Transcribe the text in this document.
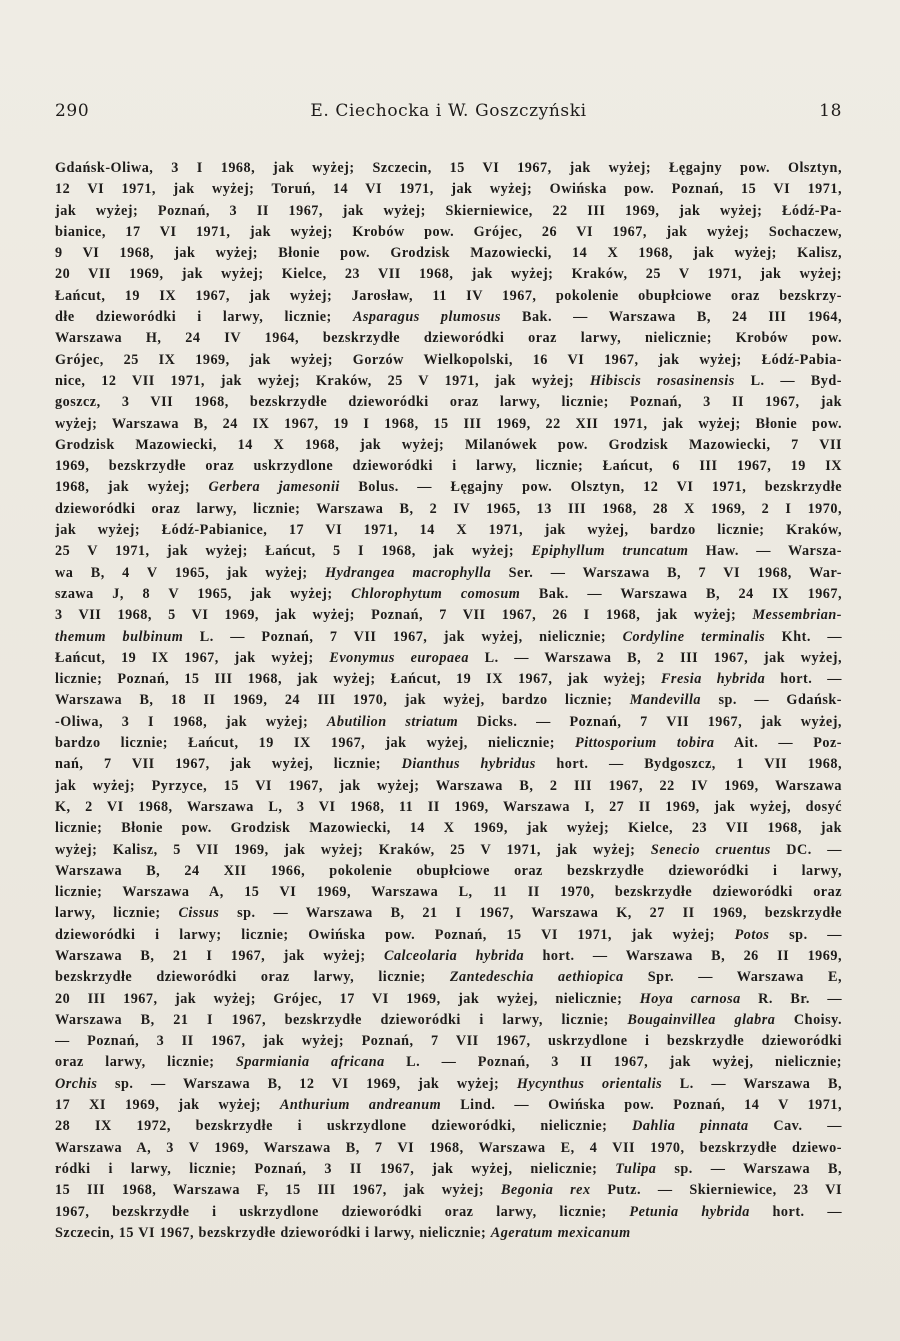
290	E. Ciechocka i W. Goszczyński	18
Gdańsk-Oliwa, 3 I 1968, jak wyżej; Szczecin, 15 VI 1967, jak wyżej; Łęgajny pow. Olsztyn,
12 VI 1971, jak wyżej; Toruń, 14 VI 1971, jak wyżej; Owińska pow. Poznań, 15 VI 1971,
jak wyżej; Poznań, 3 II 1967, jak wyżej; Skierniewice, 22 III 1969, jak wyżej; Łódź-Pa-
bianice, 17 VI 1971, jak wyżej; Krobów pow. Grójec, 26 VI 1967, jak wyżej; Sochaczew,
9 VI 1968, jak wyżej; Błonie pow. Grodzisk Mazowiecki, 14 X 1968, jak wyżej; Kalisz,
20 VII 1969, jak wyżej; Kielce, 23 VII 1968, jak wyżej; Kraków, 25 V 1971, jak wyżej;
Łańcut, 19 IX 1967, jak wyżej; Jarosław, 11 IV 1967, pokolenie obupłciowe oraz bezskrzy-
dłe dzieworódki i larwy, licznie; Asparagus plumosus Bak. — Warszawa B, 24 III 1964,
Warszawa H, 24 IV 1964, bezskrzydłe dzieworódki oraz larwy, nielicznie; Krobów pow.
Grójec, 25 IX 1969, jak wyżej; Gorzów Wielkopolski, 16 VI 1967, jak wyżej; Łódź-Pabia-
nice, 12 VII 1971, jak wyżej; Kraków, 25 V 1971, jak wyżej; Hibiscis rosasinensis L. — Byd-
goszcz, 3 VII 1968, bezskrzydłe dzieworódki oraz larwy, licznie; Poznań, 3 II 1967, jak
wyżej; Warszawa B, 24 IX 1967, 19 I 1968, 15 III 1969, 22 XII 1971, jak wyżej; Błonie pow.
Grodzisk Mazowiecki, 14 X 1968, jak wyżej; Milanówek pow. Grodzisk Mazowiecki, 7 VII
1969, bezskrzydłe oraz uskrzydlone dzieworódki i larwy, licznie; Łańcut, 6 III 1967, 19 IX
1968, jak wyżej; Gerbera jamesonii Bolus. — Łęgajny pow. Olsztyn, 12 VI 1971, bezskrzydłe
dzieworódki oraz larwy, licznie; Warszawa B, 2 IV 1965, 13 III 1968, 28 X 1969, 2 I 1970,
jak wyżej; Łódź-Pabianice, 17 VI 1971, 14 X 1971, jak wyżej, bardzo licznie; Kraków,
25 V 1971, jak wyżej; Łańcut, 5 I 1968, jak wyżej; Epiphyllum truncatum Haw. — Warsza-
wa B, 4 V 1965, jak wyżej; Hydrangea macrophylla Ser. — Warszawa B, 7 VI 1968, War-
szawa J, 8 V 1965, jak wyżej; Chlorophytum comosum Bak. — Warszawa B, 24 IX 1967,
3 VII 1968, 5 VI 1969, jak wyżej; Poznań, 7 VII 1967, 26 I 1968, jak wyżej; Messembrian-
themum bulbinum L. — Poznań, 7 VII 1967, jak wyżej, nielicznie; Cordyline terminalis Kht. —
Łańcut, 19 IX 1967, jak wyżej; Evonymus europaea L. — Warszawa B, 2 III 1967, jak wyżej,
licznie; Poznań, 15 III 1968, jak wyżej; Łańcut, 19 IX 1967, jak wyżej; Fresia hybrida hort. —
Warszawa B, 18 II 1969, 24 III 1970, jak wyżej, bardzo licznie; Mandevilla sp. — Gdańsk-
-Oliwa, 3 I 1968, jak wyżej; Abutilion striatum Dicks. — Poznań, 7 VII 1967, jak wyżej,
bardzo licznie; Łańcut, 19 IX 1967, jak wyżej, nielicznie; Pittosporium tobira Ait. — Poz-
nań, 7 VII 1967, jak wyżej, licznie; Dianthus hybridus hort. — Bydgoszcz, 1 VII 1968,
jak wyżej; Pyrzyce, 15 VI 1967, jak wyżej; Warszawa B, 2 III 1967, 22 IV 1969, Warszawa
K, 2 VI 1968, Warszawa L, 3 VI 1968, 11 II 1969, Warszawa I, 27 II 1969, jak wyżej, dosyć
licznie; Błonie pow. Grodzisk Mazowiecki, 14 X 1969, jak wyżej; Kielce, 23 VII 1968, jak
wyżej; Kalisz, 5 VII 1969, jak wyżej; Kraków, 25 V 1971, jak wyżej; Senecio cruentus DC. —
Warszawa B, 24 XII 1966, pokolenie obupłciowe oraz bezskrzydłe dzieworódki i larwy,
licznie; Warszawa A, 15 VI 1969, Warszawa L, 11 II 1970, bezskrzydłe dzieworódki oraz
larwy, licznie; Cissus sp. — Warszawa B, 21 I 1967, Warszawa K, 27 II 1969, bezskrzydłe
dzieworódki i larwy; licznie; Owińska pow. Poznań, 15 VI 1971, jak wyżej; Potos sp. —
Warszawa B, 21 I 1967, jak wyżej; Calceolaria hybrida hort. — Warszawa B, 26 II 1969,
bezskrzydłe dzieworódki oraz larwy, licznie; Zantedeschia aethiopica Spr. — Warszawa E,
20 III 1967, jak wyżej; Grójec, 17 VI 1969, jak wyżej, nielicznie; Hoya carnosa R. Br. —
Warszawa B, 21 I 1967, bezskrzydłe dzieworódki i larwy, licznie; Bougainvillea glabra Choisy.
— Poznań, 3 II 1967, jak wyżej; Poznań, 7 VII 1967, uskrzydlone i bezskrzydłe dzieworódki
oraz larwy, licznie; Sparmiania africana L. — Poznań, 3 II 1967, jak wyżej, nielicznie;
Orchis sp. — Warszawa B, 12 VI 1969, jak wyżej; Hycynthus orientalis L. — Warszawa B,
17 XI 1969, jak wyżej; Anthurium andreanum Lind. — Owińska pow. Poznań, 14 V 1971,
28 IX 1972, bezskrzydłe i uskrzydlone dzieworódki, nielicznie; Dahlia pinnata Cav. —
Warszawa A, 3 V 1969, Warszawa B, 7 VI 1968, Warszawa E, 4 VII 1970, bezskrzydłe dziewo-
ródki i larwy, licznie; Poznań, 3 II 1967, jak wyżej, nielicznie; Tulipa sp. — Warszawa B,
15 III 1968, Warszawa F, 15 III 1967, jak wyżej; Begonia rex Putz. — Skierniewice, 23 VI
1967, bezskrzydłe i uskrzydlone dzieworódki oraz larwy, licznie; Petunia hybrida hort. —
Szczecin, 15 VI 1967, bezskrzydłe dzieworódki i larwy, nielicznie; Ageratum mexicanum
